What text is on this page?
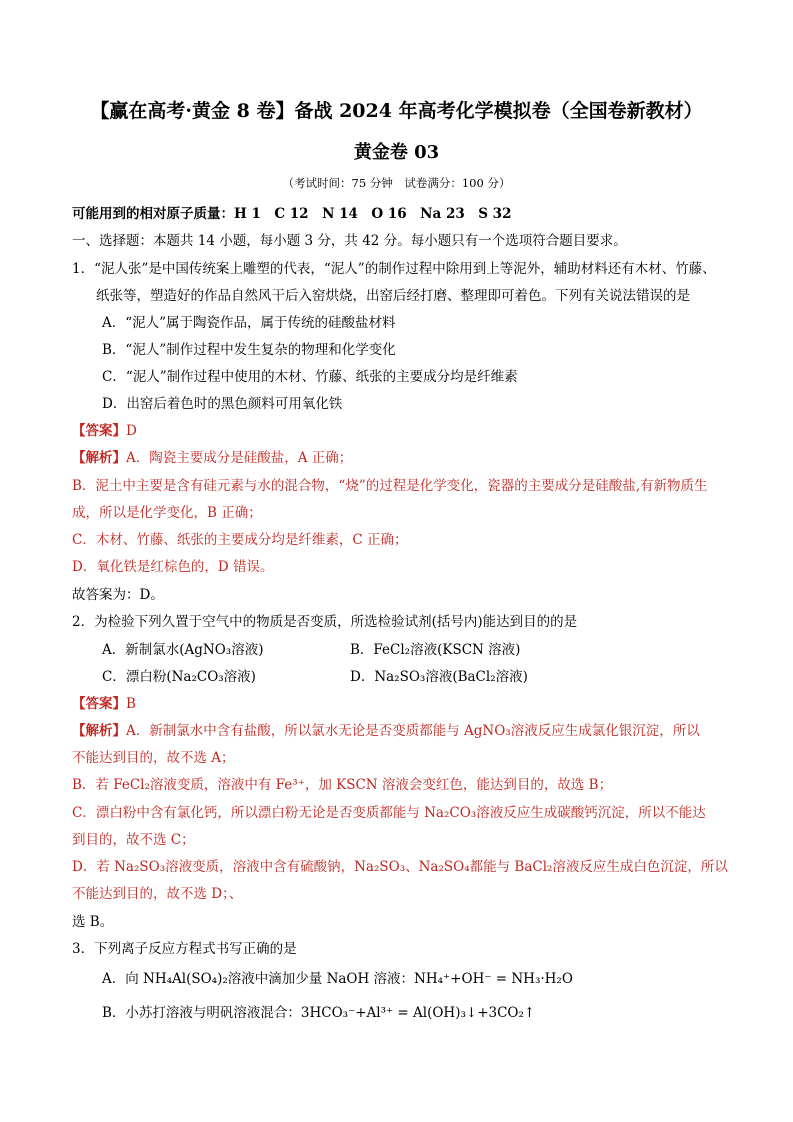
【赢在高考·黄金 8 卷】备战 2024 年高考化学模拟卷（全国卷新教材）
黄金卷 03
（考试时间：75 分钟　试卷满分：100 分）
可能用到的相对原子质量：H 1　C 12　N 14　O 16　Na 23　S 32
一、选择题：本题共 14 小题，每小题 3 分，共 42 分。每小题只有一个选项符合题目要求。
1．“泥人张”是中国传统案上雕塑的代表，“泥人”的制作过程中除用到上等泥外，辅助材料还有木材、竹藤、
纸张等，塑造好的作品自然风干后入窑烘烧，出窑后经打磨、整理即可着色。下列有关说法错误的是
A．“泥人”属于陶瓷作品，属于传统的硅酸盐材料
B．“泥人”制作过程中发生复杂的物理和化学变化
C．“泥人”制作过程中使用的木材、竹藤、纸张的主要成分均是纤维素
D．出窑后着色时的黑色颜料可用氧化铁
【答案】D
【解析】A．陶瓷主要成分是硅酸盐，A 正确；
B．泥土中主要是含有硅元素与水的混合物，“烧”的过程是化学变化，瓷器的主要成分是硅酸盐,有新物质生
成，所以是化学变化，B 正确；
C．木材、竹藤、纸张的主要成分均是纤维素，C 正确；
D．氧化铁是红棕色的，D 错误。
故答案为：D。
2．为检验下列久置于空气中的物质是否变质，所选检验试剂(括号内)能达到目的的是
A．新制氯水(AgNO₃溶液)	B．FeCl₂溶液(KSCN 溶液)
C．漂白粉(Na₂CO₃溶液)	D．Na₂SO₃溶液(BaCl₂溶液)
【答案】B
【解析】A．新制氯水中含有盐酸，所以氯水无论是否变质都能与 AgNO₃溶液反应生成氯化银沉淀，所以
不能达到目的，故不选 A；
B．若 FeCl₂溶液变质，溶液中有 Fe³⁺，加 KSCN 溶液会变红色，能达到目的，故选 B；
C．漂白粉中含有氯化钙，所以漂白粉无论是否变质都能与 Na₂CO₃溶液反应生成碳酸钙沉淀，所以不能达
到目的，故不选 C；
D．若 Na₂SO₃溶液变质，溶液中含有硫酸钠，Na₂SO₃、Na₂SO₄都能与 BaCl₂溶液反应生成白色沉淀，所以
不能达到目的，故不选 D；、
选 B。
3．下列离子反应方程式书写正确的是
A．向 NH₄Al(SO₄)₂溶液中滴加少量 NaOH 溶液：NH₄⁺+OH⁻ = NH₃·H₂O
B．小苏打溶液与明矾溶液混合：3HCO₃⁻+Al³⁺ = Al(OH)₃↓+3CO₂↑
